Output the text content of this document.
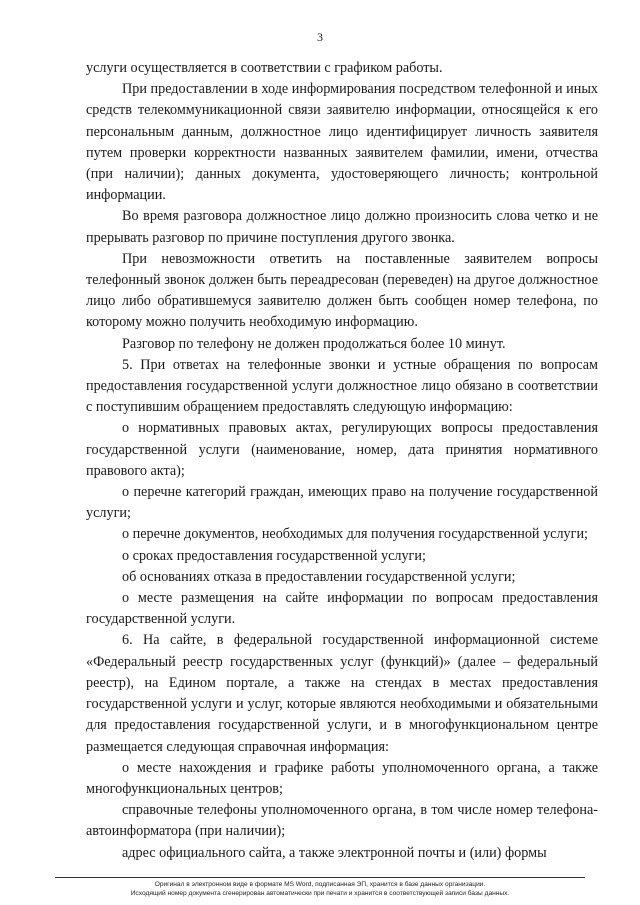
3

услуги осуществляется в соответствии с графиком работы.

При предоставлении в ходе информирования посредством телефонной и иных средств телекоммуникационной связи заявителю информации, относящейся к его персональным данным, должностное лицо идентифицирует личность заявителя путем проверки корректности названных заявителем фамилии, имени, отчества (при наличии); данных документа, удостоверяющего личность; контрольной информации.

Во время разговора должностное лицо должно произносить слова четко и не прерывать разговор по причине поступления другого звонка.

При невозможности ответить на поставленные заявителем вопросы телефонный звонок должен быть переадресован (переведен) на другое должностное лицо либо обратившемуся заявителю должен быть сообщен номер телефона, по которому можно получить необходимую информацию.

Разговор по телефону не должен продолжаться более 10 минут.

5. При ответах на телефонные звонки и устные обращения по вопросам предоставления государственной услуги должностное лицо обязано в соответствии с поступившим обращением предоставлять следующую информацию:

о нормативных правовых актах, регулирующих вопросы предоставления государственной услуги (наименование, номер, дата принятия нормативного правового акта);

о перечне категорий граждан, имеющих право на получение государственной услуги;

о перечне документов, необходимых для получения государственной услуги;

о сроках предоставления государственной услуги;

об основаниях отказа в предоставлении государственной услуги;

о месте размещения на сайте информации по вопросам предоставления государственной услуги.

6. На сайте, в федеральной государственной информационной системе «Федеральный реестр государственных услуг (функций)» (далее – федеральный реестр), на Едином портале, а также на стендах в местах предоставления государственной услуги и услуг, которые являются необходимыми и обязательными для предоставления государственной услуги, и в многофункциональном центре размещается следующая справочная информация:

о месте нахождения и графике работы уполномоченного органа, а также многофункциональных центров;

справочные телефоны уполномоченного органа, в том числе номер телефона-автоинформатора (при наличии);

адрес официального сайта, а также электронной почты и (или) формы

Оригинал в электронном виде в формате MS Word, подписанная ЭП, хранится в базе данных организации.
Исходящий номер документа сгенерирован автоматически при печати и хранится в соответствующей записи базы данных.
